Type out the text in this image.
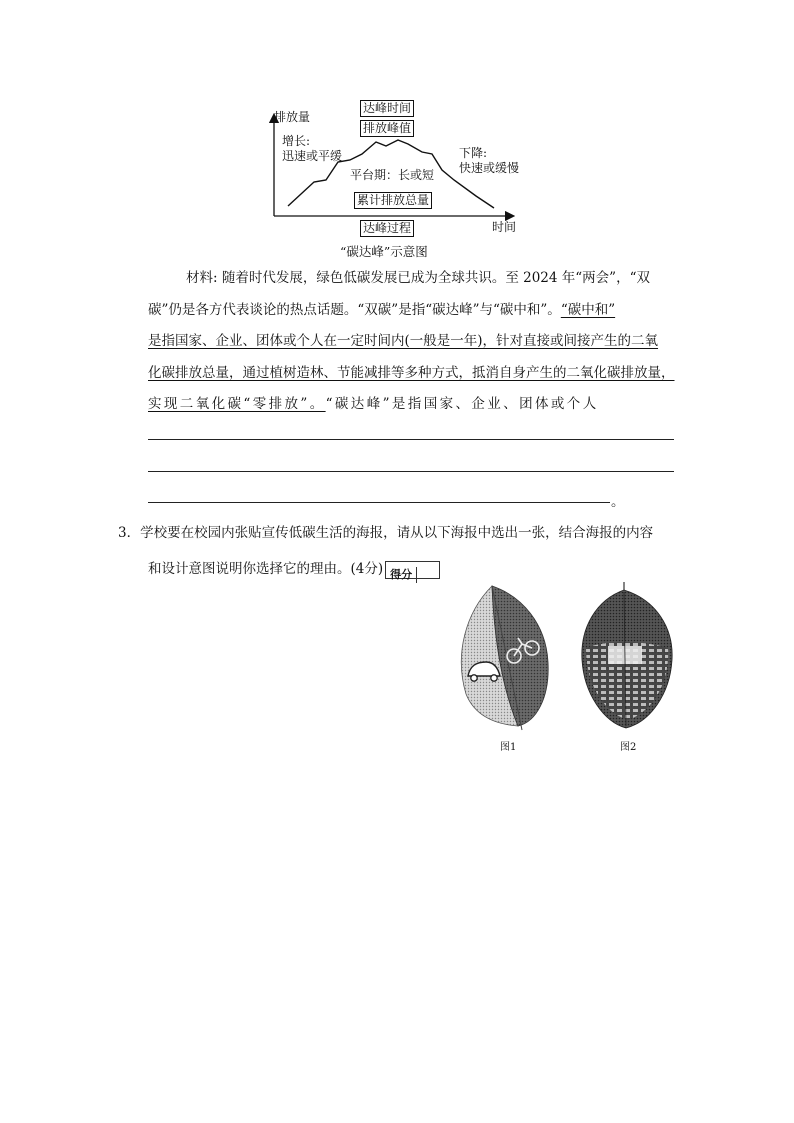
排放量
达峰时间
排放峰值
增长:
迅速或平缓	下降:
快速或缓慢
平台期：长或短
累计排放总量
达峰过程	时间
“碳达峰”示意图
材料: 随着时代发展，绿色低碳发展已成为全球共识。至 2024 年“两会”，“双
碳”仍是各方代表谈论的热点话题。“双碳”是指“碳达峰”与“碳中和”。“碳中和”
是指国家、企业、团体或个人在一定时间内(一般是一年)，针对直接或间接产生的二氧
化碳排放总量，通过植树造林、节能减排等多种方式，抵消自身产生的二氧化碳排放量，
实现二氧化碳“零排放”。“碳达峰”是指国家、企业、团体或个人
。
3．学校要在校园内张贴宣传低碳生活的海报，请从以下海报中选出一张，结合海报的内容
和设计意图说明你选择它的理由。(4分) 得分
图1	图2
